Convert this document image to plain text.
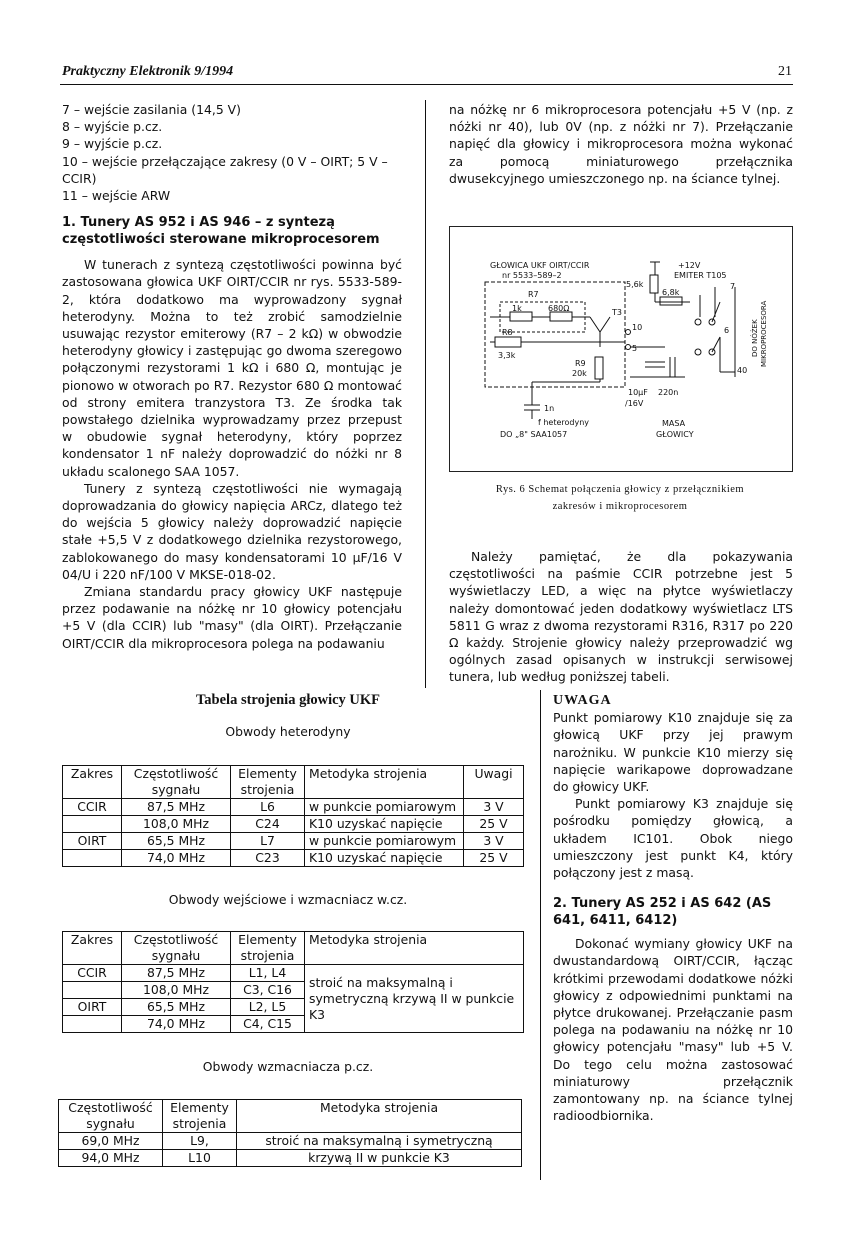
Praktyczny Elektronik 9/1994	21
7 – wejście zasilania (14,5 V)
8 – wyjście p.cz.
9 – wyjście p.cz.
10 – wejście przełączające zakresy (0 V – OIRT; 5 V – CCIR)
11 – wejście ARW

1. Tunery AS 952 i AS 946 – z syntezą częstotliwości sterowane mikroprocesorem

W tunerach z syntezą częstotliwości powinna być zastosowana głowica UKF OIRT/CCIR nr rys. 5533-589-2, która dodatkowo ma wyprowadzony sygnał heterodyny. Można to też zrobić samodzielnie usuwając rezystor emiterowy (R7 – 2 kΩ) w obwodzie heterodyny głowicy i zastępując go dwoma szeregowo połączonymi rezystorami 1 kΩ i 680 Ω, montując je pionowo w otworach po R7. Rezystor 680 Ω montować od strony emitera tranzystora T3. Ze środka tak powstałego dzielnika wyprowadzamy przez przepust w obudowie sygnał heterodyny, który poprzez kondensator 1 nF należy doprowadzić do nóżki nr 8 układu scalonego SAA 1057.

Tunery z syntezą częstotliwości nie wymagają doprowadzania do głowicy napięcia ARCz, dlatego też do wejścia 5 głowicy należy doprowadzić napięcie stałe +5,5 V z dodatkowego dzielnika rezystorowego, zablokowanego do masy kondensatorami 10 µF/16 V 04/U i 220 nF/100 V MKSE-018-02.

Zmiana standardu pracy głowicy UKF następuje przez podawanie na nóżkę nr 10 głowicy potencjału +5 V (dla CCIR) lub "masy" (dla OIRT). Przełączanie OIRT/CCIR dla mikroprocesora polega na podawaniu

na nóżkę nr 6 mikroprocesora potencjału +5 V (np. z nóżki nr 40), lub 0V (np. z nóżki nr 7). Przełączanie napięć dla głowicy i mikroprocesora można wykonać za pomocą miniaturowego przełącznika dwusekcyjnego umieszczonego np. na ściance tylnej.

GŁOWICA UKF OIRT/CCIR
nr 5533–589–2
+12V
EMITER T105
R7
1k	680Ω	T3
5,6k
6,8k
R8
3,3k
R9
20k
10
5
7
6
40
1n
f heterodyny
DO „8" SAA1057
10µF
/16V
220n
MASA
GŁOWICY
DO NÓŻEK MIKROPROCESORA
Rys. 6 Schemat połączenia głowicy z przełącznikiem
zakresów i mikroprocesorem

Należy pamiętać, że dla pokazywania częstotliwości na paśmie CCIR potrzebne jest 5 wyświetlaczy LED, a więc na płytce wyświetlaczy należy domontować jeden dodatkowy wyświetlacz LTS 5811 G wraz z dwoma rezystorami R316, R317 po 220 Ω każdy. Strojenie głowicy należy przeprowadzić wg ogólnych zasad opisanych w instrukcji serwisowej tunera, lub według poniższej tabeli.

Tabela strojenia głowicy UKF
Obwody heterodyny
Zakres	Częstotliwość sygnału	Elementy strojenia	Metodyka strojenia	Uwagi
CCIR	87,5 MHz	L6	w punkcie pomiarowym	3 V
	108,0 MHz	C24	K10 uzyskać napięcie	25 V
OIRT	65,5 MHz	L7	w punkcie pomiarowym	3 V
	74,0 MHz	C23	K10 uzyskać napięcie	25 V
Obwody wejściowe i wzmacniacz w.cz.
Zakres	Częstotliwość sygnału	Elementy strojenia	Metodyka strojenia
CCIR	87,5 MHz	L1, L4	stroić na maksymalną i symetryczną krzywą II w punkcie K3
	108,0 MHz	C3, C16	
OIRT	65,5 MHz	L2, L5	
	74,0 MHz	C4, C15	
Obwody wzmacniacza p.cz.
Częstotliwość sygnału	Elementy strojenia	Metodyka strojenia
69,0 MHz	L9,	stroić na maksymalną i symetryczną
94,0 MHz	L10	krzywą II w punkcie K3
UWAGA

Punkt pomiarowy K10 znajduje się za głowicą UKF przy jej prawym narożniku. W punkcie K10 mierzy się napięcie warikapowe doprowadzane do głowicy UKF.

Punkt pomiarowy K3 znajduje się pośrodku pomiędzy głowicą, a układem IC101. Obok niego umieszczony jest punkt K4, który połączony jest z masą.

2. Tunery AS 252 i AS 642 (AS 641, 6411, 6412)

Dokonać wymiany głowicy UKF na dwustandardową OIRT/CCIR, łącząc krótkimi przewodami dodatkowe nóżki głowicy z odpowiednimi punktami na płytce drukowanej. Przełączanie pasm polega na podawaniu na nóżkę nr 10 głowicy potencjału "masy" lub +5 V. Do tego celu można zastosować miniaturowy przełącznik zamontowany np. na ściance tylnej radioodbiornika.
